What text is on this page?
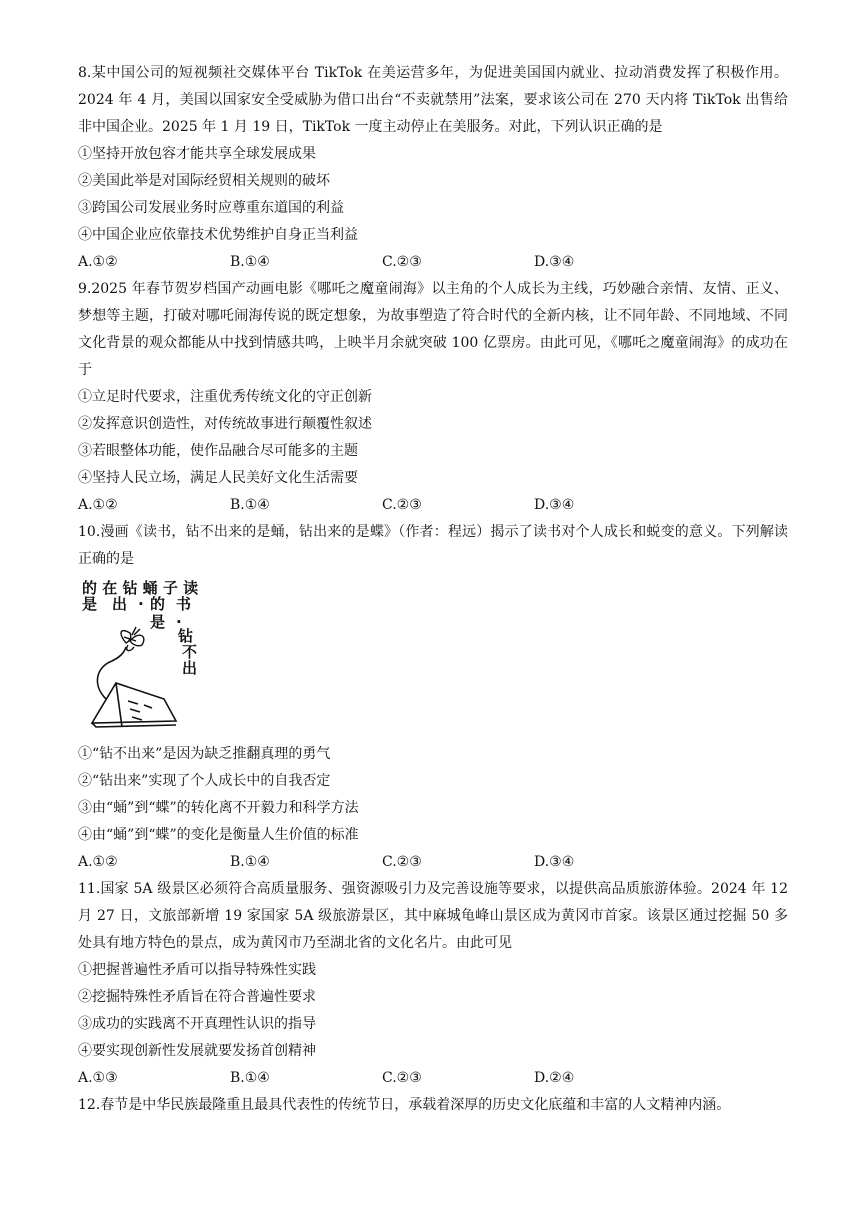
8.某中国公司的短视频社交媒体平台 TikTok 在美运营多年，为促进美国国内就业、拉动消费发挥了积极作用。2024 年 4 月，美国以国家安全受威胁为借口出台“不卖就禁用”法案，要求该公司在 270 天内将 TikTok 出售给非中国企业。2025 年 1 月 19 日，TikTok 一度主动停止在美服务。对此，下列认识正确的是

①坚持开放包容才能共享全球发展成果

②美国此举是对国际经贸相关规则的破坏

③跨国公司发展业务时应尊重东道国的利益

④中国企业应依靠技术优势维护自身正当利益

A.①②	B.①④	C.②③	D.③④

9.2025 年春节贺岁档国产动画电影《哪吒之魔童闹海》以主角的个人成长为主线，巧妙融合亲情、友情、正义、梦想等主题，打破对哪吒闹海传说的既定想象，为故事塑造了符合时代的全新内核，让不同年龄、不同地域、不同文化背景的观众都能从中找到情感共鸣，上映半月余就突破 100 亿票房。由此可见，《哪吒之魔童闹海》的成功在于

①立足时代要求，注重优秀传统文化的守正创新

②发挥意识创造性，对传统故事进行颠覆性叙述

③若眼整体功能，使作品融合尽可能多的主题

④坚持人民立场，满足人民美好文化生活需要

A.①②	B.①④	C.②③	D.③④

10.漫画《读书，钻不出来的是蛹，钻出来的是蝶》（作者：程远）揭示了读书对个人成长和蜕变的意义。下列解读正确的是

的 在 钻 蛹 子 读
是 出 · 的 书
是 ·
钻
不
出

①“钻不出来”是因为缺乏推翻真理的勇气

②“钻出来”实现了个人成长中的自我否定

③由“蛹”到“蝶”的转化离不开毅力和科学方法

④由“蛹”到“蝶”的变化是衡量人生价值的标准

A.①②	B.①④	C.②③	D.③④

11.国家 5A 级景区必须符合高质量服务、强资源吸引力及完善设施等要求，以提供高品质旅游体验。2024 年 12 月 27 日，文旅部新增 19 家国家 5A 级旅游景区，其中麻城龟峰山景区成为黄冈市首家。该景区通过挖掘 50 多处具有地方特色的景点，成为黄冈市乃至湖北省的文化名片。由此可见

①把握普遍性矛盾可以指导特殊性实践

②挖掘特殊性矛盾旨在符合普遍性要求

③成功的实践离不开真理性认识的指导

④要实现创新性发展就要发扬首创精神

A.①③	B.①④	C.②③	D.②④

12.春节是中华民族最隆重且最具代表性的传统节日，承载着深厚的历史文化底蕴和丰富的人文精神内涵。
